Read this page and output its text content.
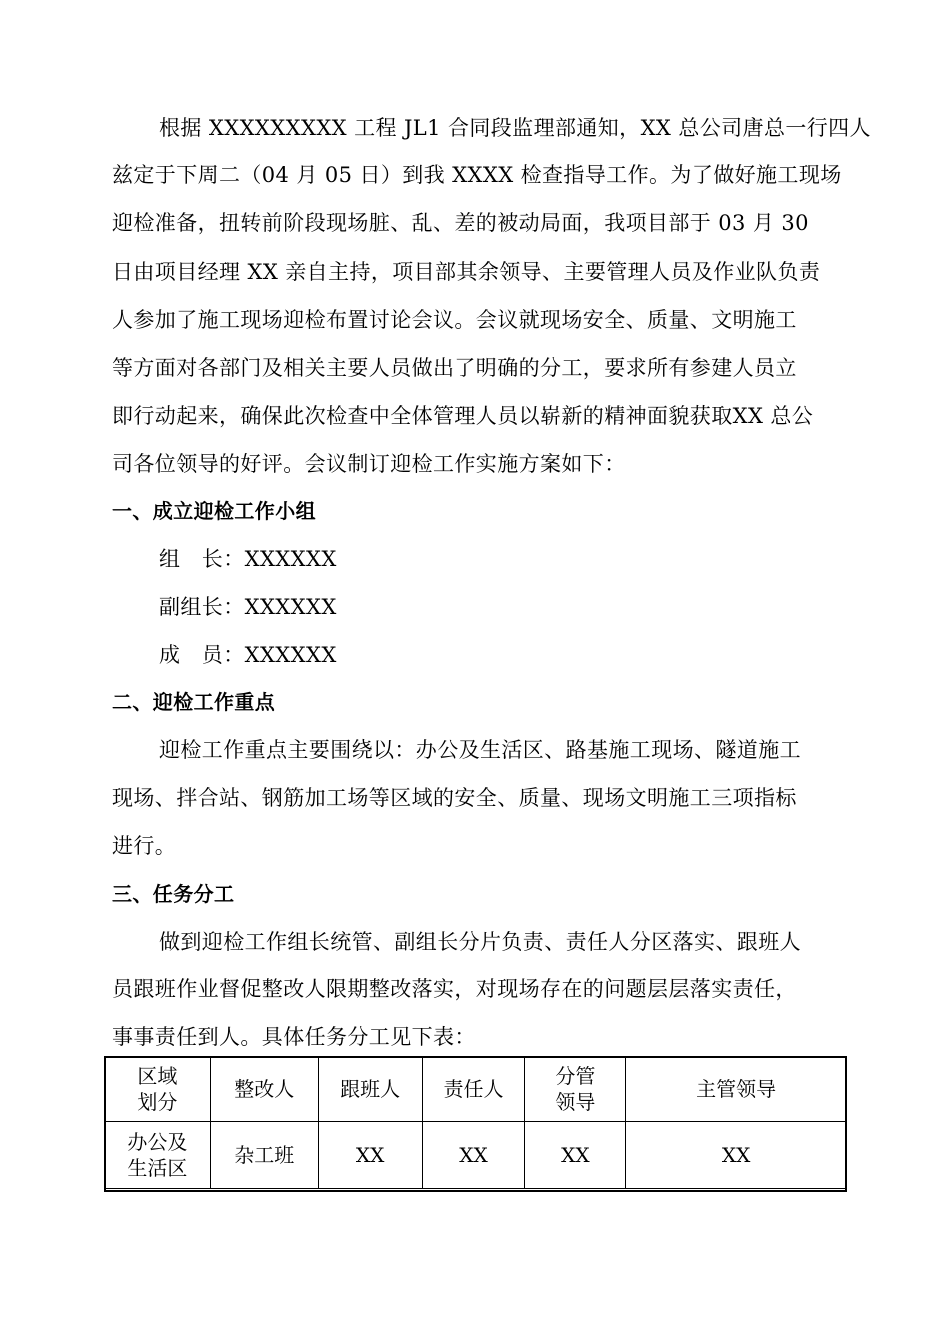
根据 XXXXXXXXX 工程 JL1 合同段监理部通知，XX 总公司唐总一行四人
兹定于下周二（04 月 05 日）到我 XXXX 检查指导工作。为了做好施工现场
迎检准备，扭转前阶段现场脏、乱、差的被动局面，我项目部于 03 月 30
日由项目经理 XX 亲自主持，项目部其余领导、主要管理人员及作业队负责
人参加了施工现场迎检布置讨论会议。会议就现场安全、质量、文明施工
等方面对各部门及相关主要人员做出了明确的分工，要求所有参建人员立
即行动起来，确保此次检查中全体管理人员以崭新的精神面貌获取XX 总公
司各位领导的好评。会议制订迎检工作实施方案如下：
一、成立迎检工作小组
组　长：XXXXXX
副组长：XXXXXX
成　员：XXXXXX
二、迎检工作重点
迎检工作重点主要围绕以：办公及生活区、路基施工现场、隧道施工
现场、拌合站、钢筋加工场等区域的安全、质量、现场文明施工三项指标
进行。
三、任务分工
做到迎检工作组长统管、副组长分片负责、责任人分区落实、跟班人
员跟班作业督促整改人限期整改落实，对现场存在的问题层层落实责任，
事事责任到人。具体任务分工见下表：
区域
划分	整改人	跟班人	责任人	分管
领导	主管领导
办公及
生活区	杂工班	XX	XX	XX	XX
